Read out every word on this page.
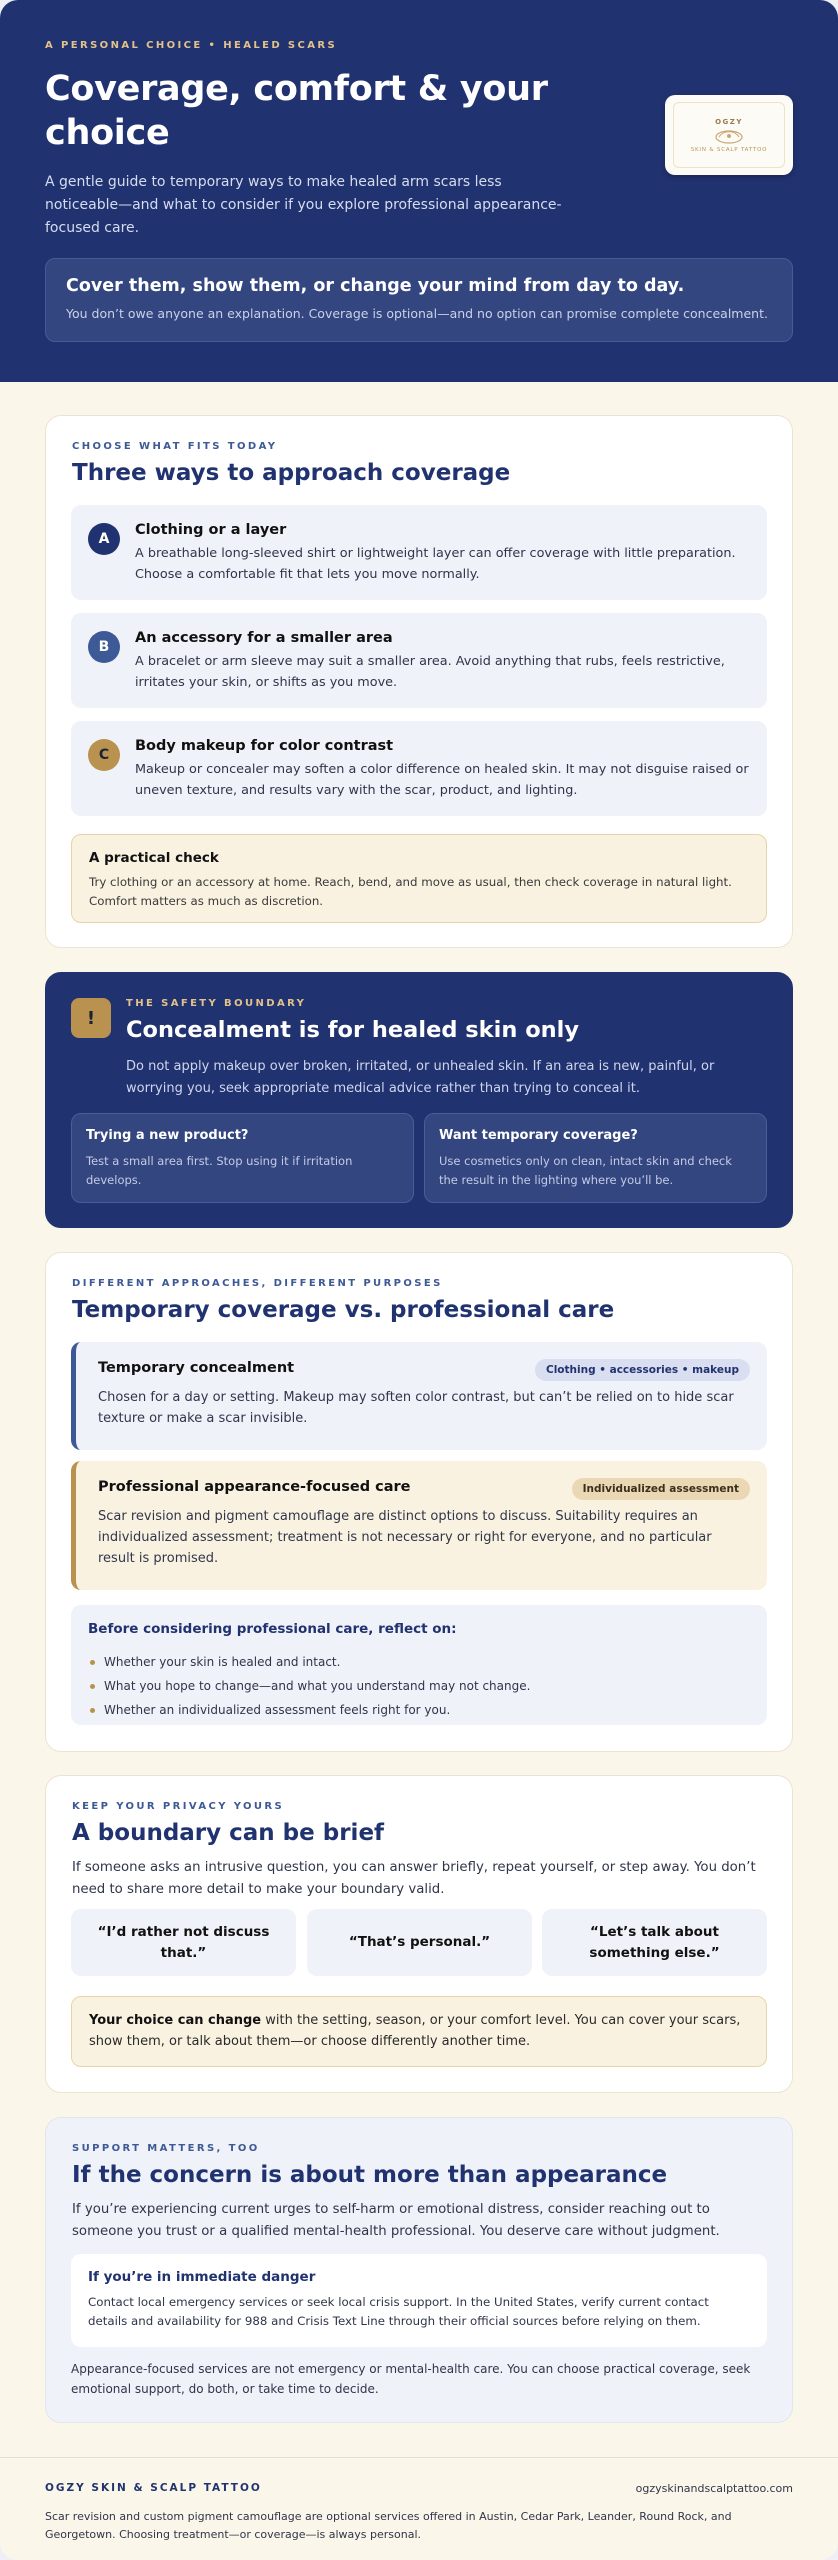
A PERSONAL CHOICE • HEALED SCARS
Coverage, comfort & your choice

A gentle guide to temporary ways to make healed arm scars less noticeable—and what to consider if you explore professional appearance-focused care.

OGZY
SKIN & SCALP TATTOO
Cover them, show them, or change your mind from day to day.
You don’t owe anyone an explanation. Coverage is optional—and no option can promise complete concealment.
CHOOSE WHAT FITS TODAY
Three ways to approach coverage
A
Clothing or a layer
A breathable long-sleeved shirt or lightweight layer can offer coverage with little preparation. Choose a comfortable fit that lets you move normally.
B
An accessory for a smaller area
A bracelet or arm sleeve may suit a smaller area. Avoid anything that rubs, feels restrictive, irritates your skin, or shifts as you move.
C
Body makeup for color contrast
Makeup or concealer may soften a color difference on healed skin. It may not disguise raised or uneven texture, and results vary with the scar, product, and lighting.
A practical check
Try clothing or an accessory at home. Reach, bend, and move as usual, then check coverage in natural light. Comfort matters as much as discretion.
!
THE SAFETY BOUNDARY
Concealment is for healed skin only

Do not apply makeup over broken, irritated, or unhealed skin. If an area is new, painful, or worrying you, seek appropriate medical advice rather than trying to conceal it.

Trying a new product?
Test a small area first. Stop using it if irritation develops.
Want temporary coverage?
Use cosmetics only on clean, intact skin and check the result in the lighting where you’ll be.
DIFFERENT APPROACHES, DIFFERENT PURPOSES
Temporary coverage vs. professional care
Temporary concealment	Clothing • accessories • makeup
Chosen for a day or setting. Makeup may soften color contrast, but can’t be relied on to hide scar texture or make a scar invisible.
Professional appearance-focused care	Individualized assessment
Scar revision and pigment camouflage are distinct options to discuss. Suitability requires an individualized assessment; treatment is not necessary or right for everyone, and no particular result is promised.
Before considering professional care, reflect on:
Whether your skin is healed and intact.
What you hope to change—and what you understand may not change.
Whether an individualized assessment feels right for you.
KEEP YOUR PRIVACY YOURS
A boundary can be brief

If someone asks an intrusive question, you can answer briefly, repeat yourself, or step away. You don’t need to share more detail to make your boundary valid.

“I’d rather not discuss that.”
“That’s personal.”
“Let’s talk about something else.”
Your choice can change with the setting, season, or your comfort level. You can cover your scars, show them, or talk about them—or choose differently another time.
SUPPORT MATTERS, TOO
If the concern is about more than appearance

If you’re experiencing current urges to self-harm or emotional distress, consider reaching out to someone you trust or a qualified mental-health professional. You deserve care without judgment.

If you’re in immediate danger
Contact local emergency services or seek local crisis support. In the United States, verify current contact details and availability for 988 and Crisis Text Line through their official sources before relying on them.

Appearance-focused services are not emergency or mental-health care. You can choose practical coverage, seek emotional support, do both, or take time to decide.

OGZY SKIN & SCALP TATTOO	ogzyskinandscalptattoo.com

Scar revision and custom pigment camouflage are optional services offered in Austin, Cedar Park, Leander, Round Rock, and Georgetown. Choosing treatment—or coverage—is always personal.
